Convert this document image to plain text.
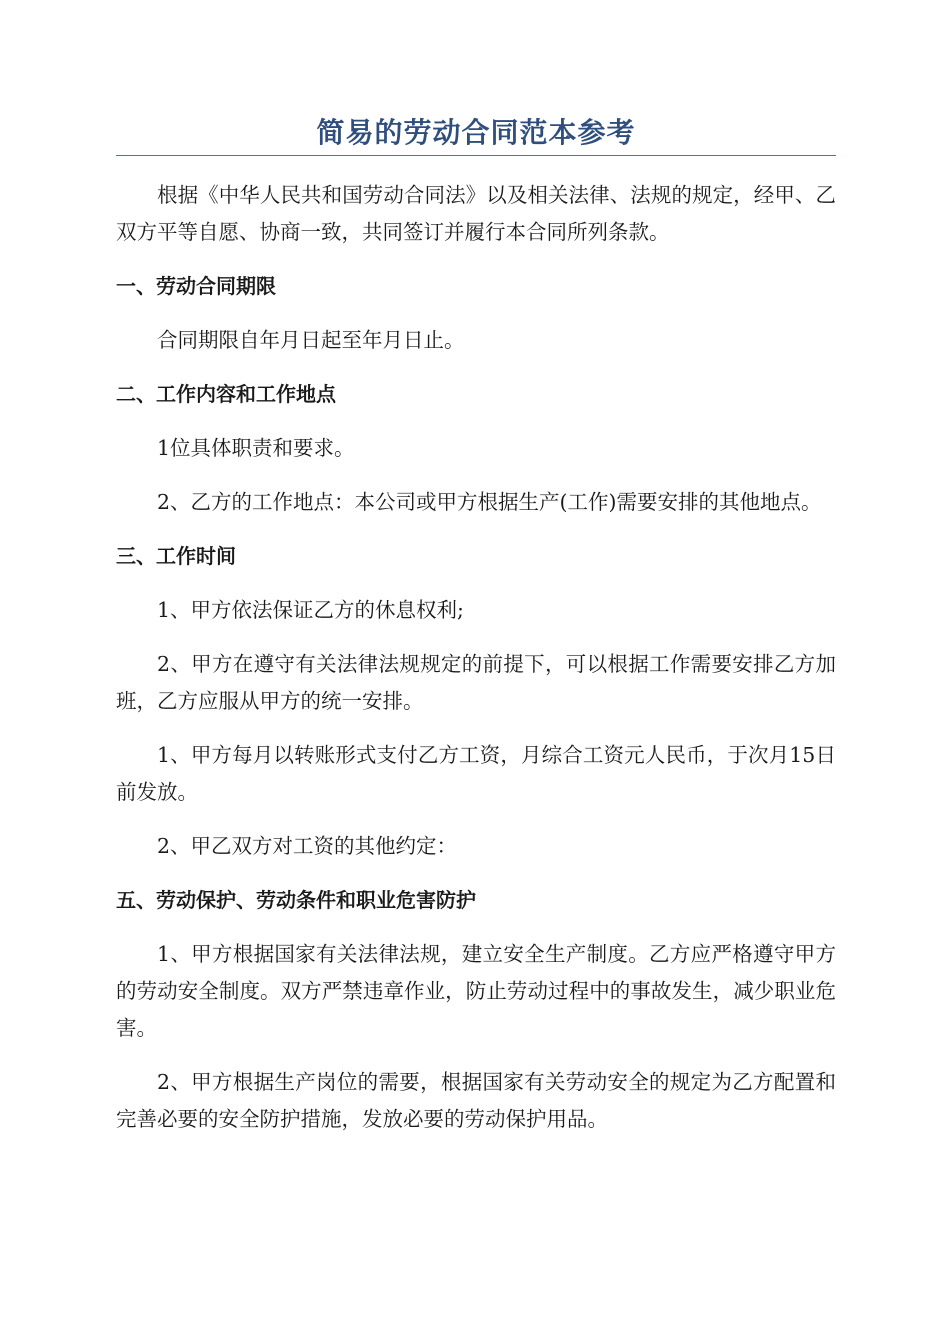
简易的劳动合同范本参考

根据《中华人民共和国劳动合同法》以及相关法律、法规的规定，经甲、乙双方平等自愿、协商一致，共同签订并履行本合同所列条款。

一、劳动合同期限

合同期限自年月日起至年月日止。

二、工作内容和工作地点

1位具体职责和要求。

2、乙方的工作地点：本公司或甲方根据生产(工作)需要安排的其他地点。

三、工作时间

1、甲方依法保证乙方的休息权利;

2、甲方在遵守有关法律法规规定的前提下，可以根据工作需要安排乙方加班，乙方应服从甲方的统一安排。

1、甲方每月以转账形式支付乙方工资，月综合工资元人民币，于次月15日前发放。

2、甲乙双方对工资的其他约定：

五、劳动保护、劳动条件和职业危害防护

1、甲方根据国家有关法律法规，建立安全生产制度。乙方应严格遵守甲方的劳动安全制度。双方严禁违章作业，防止劳动过程中的事故发生，减少职业危害。

2、甲方根据生产岗位的需要，根据国家有关劳动安全的规定为乙方配置和完善必要的安全防护措施，发放必要的劳动保护用品。
